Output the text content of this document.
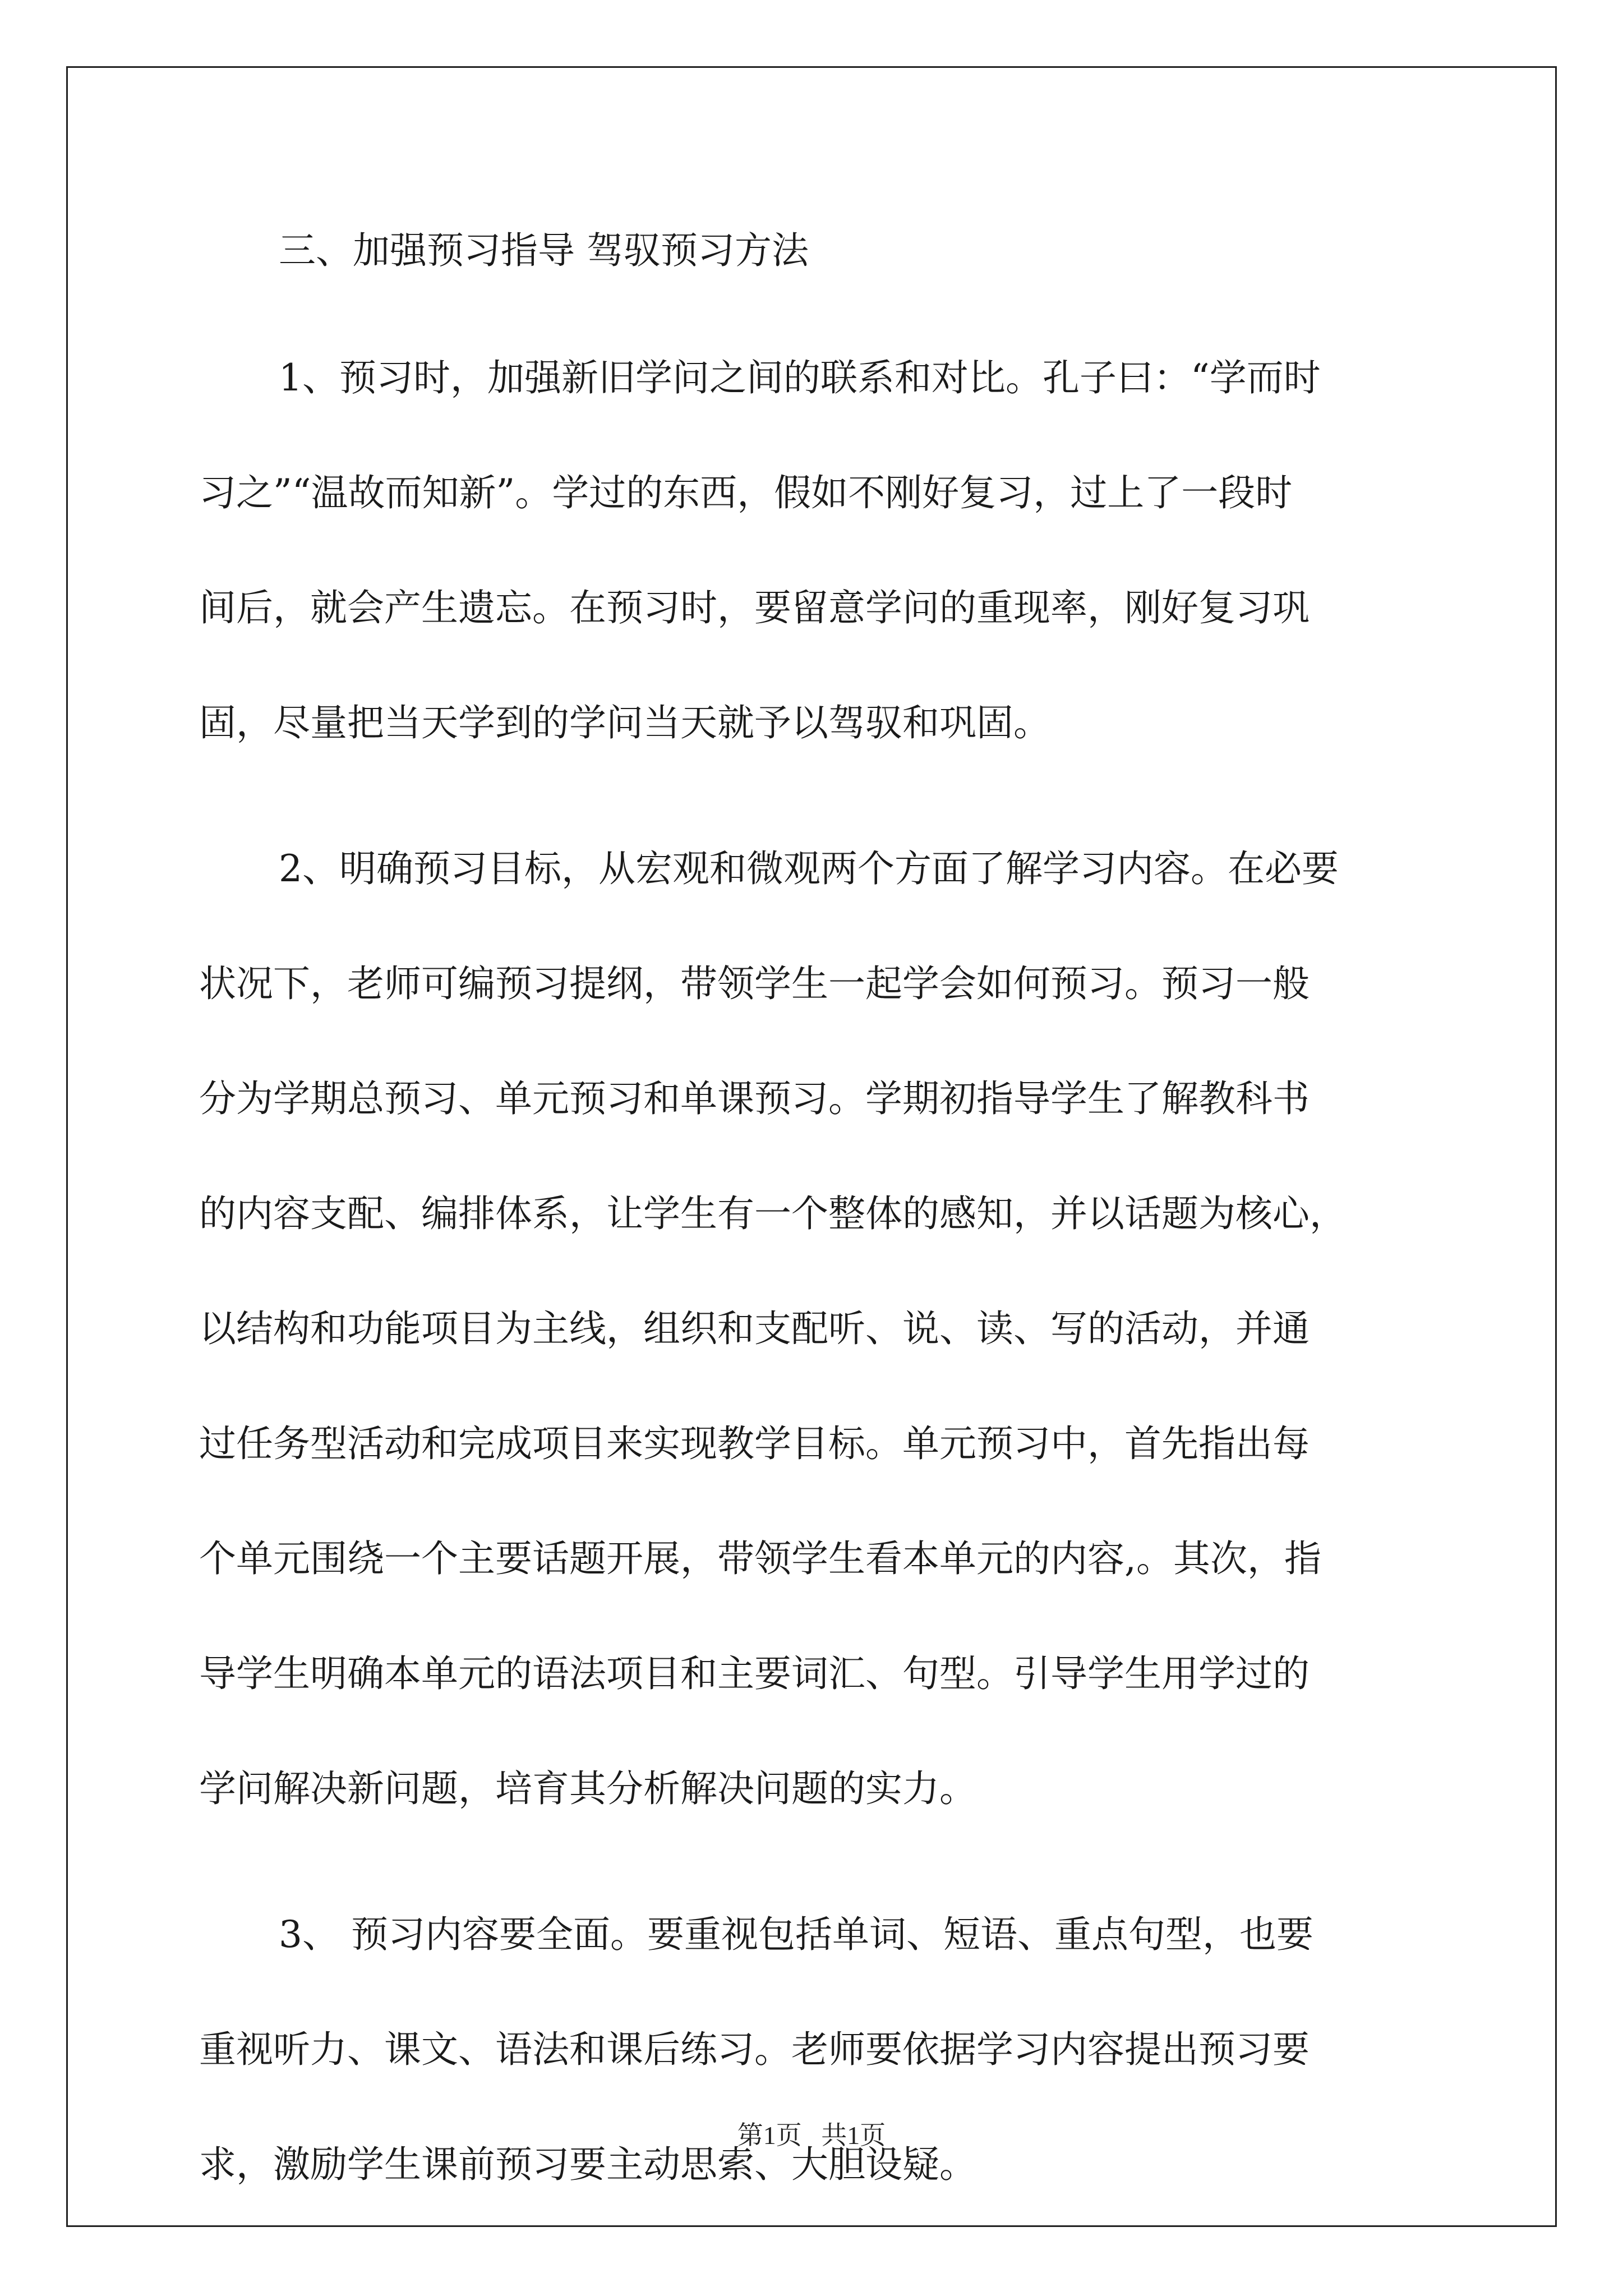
三、加强预习指导 驾驭预习方法

1、预习时，加强新旧学问之间的联系和对比。孔子曰：“学而时
习之”“温故而知新”。学过的东西，假如不刚好复习，过上了一段时
间后，就会产生遗忘。在预习时，要留意学问的重现率，刚好复习巩
固，尽量把当天学到的学问当天就予以驾驭和巩固。

2、明确预习目标，从宏观和微观两个方面了解学习内容。在必要
状况下，老师可编预习提纲，带领学生一起学会如何预习。预习一般
分为学期总预习、单元预习和单课预习。学期初指导学生了解教科书
的内容支配、编排体系，让学生有一个整体的感知，并以话题为核心，
以结构和功能项目为主线，组织和支配听、说、读、写的活动，并通
过任务型活动和完成项目来实现教学目标。单元预习中，首先指出每
个单元围绕一个主要话题开展，带领学生看本单元的内容,。其次，指
导学生明确本单元的语法项目和主要词汇、句型。引导学生用学过的
学问解决新问题，培育其分析解决问题的实力。

3、 预习内容要全面。要重视包括单词、短语、重点句型，也要
重视听力、课文、语法和课后练习。老师要依据学习内容提出预习要
求，激励学生课前预习要主动思索、大胆设疑。

第1页   共1页
